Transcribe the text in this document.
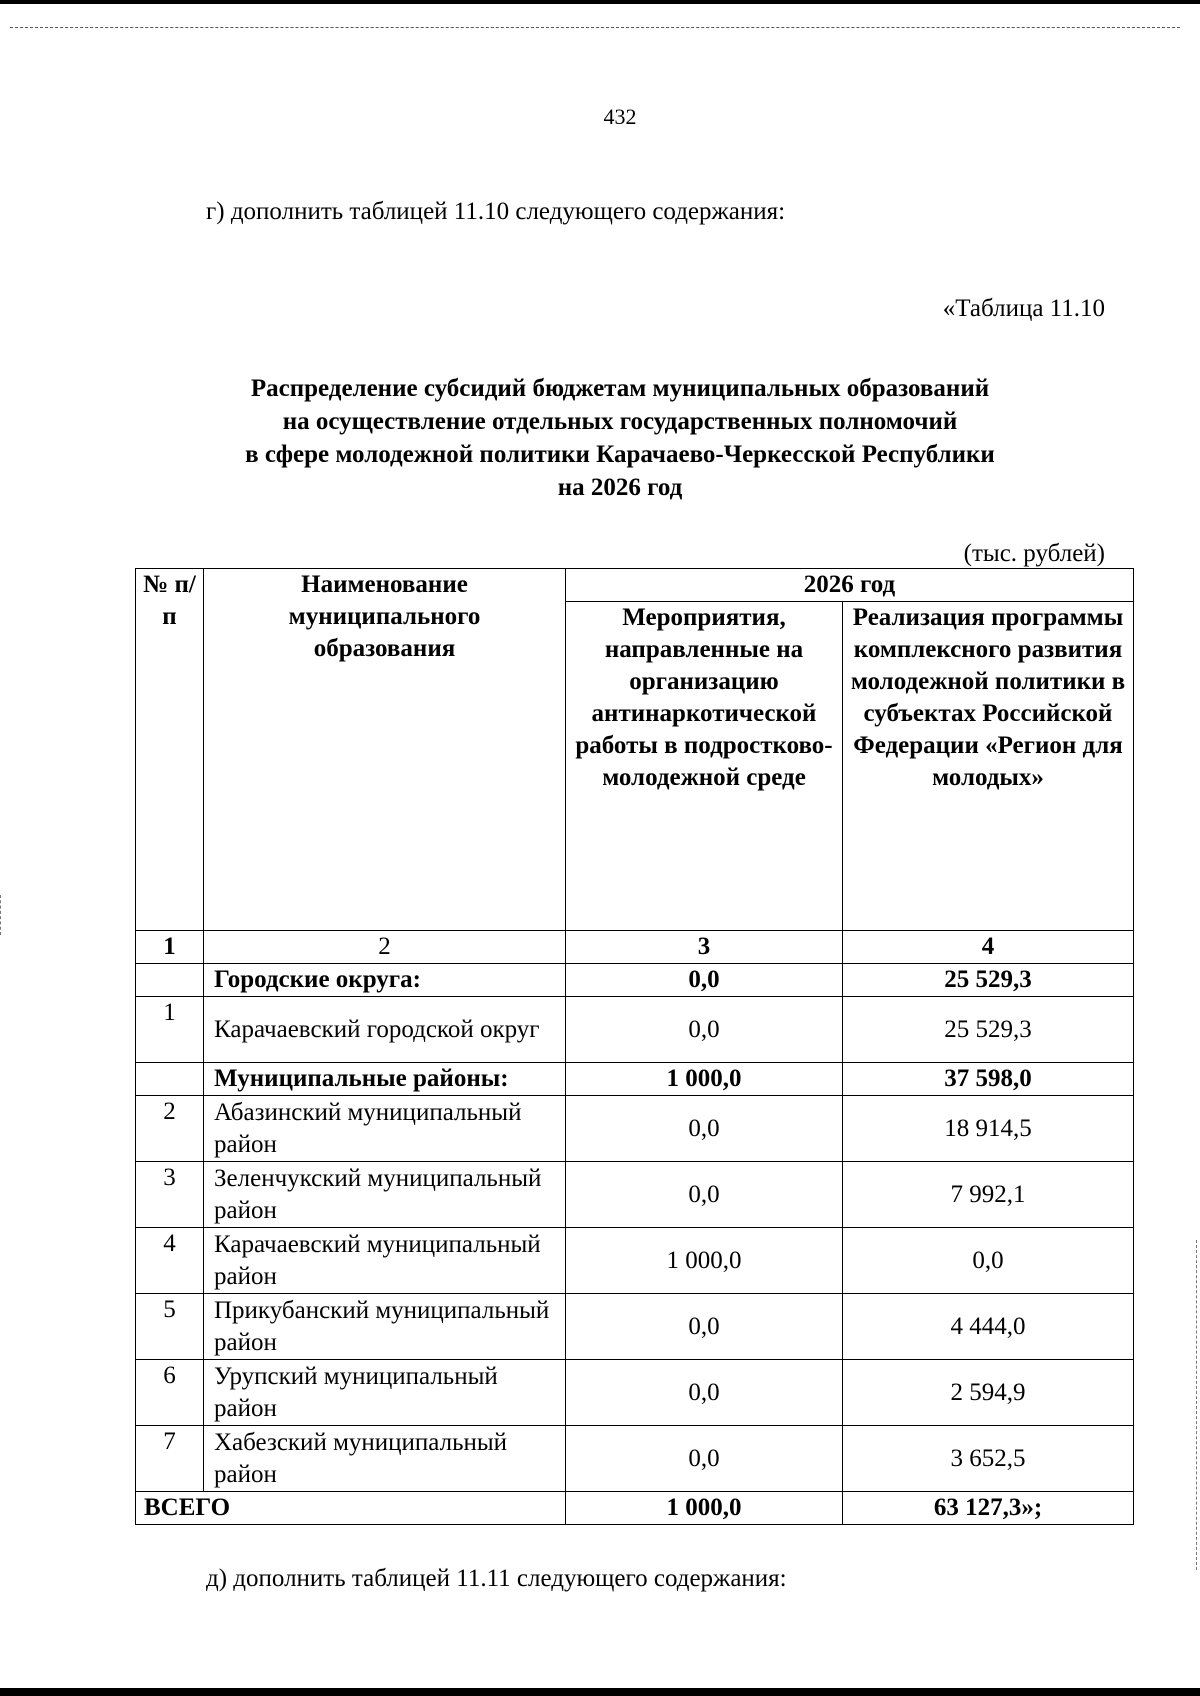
432
г) дополнить таблицей 11.10 следующего содержания:
«Таблица 11.10
Распределение субсидий бюджетам муниципальных образований
на осуществление отдельных государственных полномочий
в сфере молодежной политики Карачаево-Черкесской Республики
на 2026 год
(тыс. рублей)
№ п/п	Наименование муниципального образования	2026 год	
		Мероприятия, направленные на организацию антинаркотической работы в подростково-молодежной среде	Реализация программы комплексного развития молодежной политики в субъектах Российской Федерации «Регион для молодых»
1	2	3	4
	Городские округа:	0,0	25 529,3
1	Карачаевский городской округ	0,0	25 529,3
	Муниципальные районы:	1 000,0	37 598,0
2	Абазинский муниципальный район	0,0	18 914,5
3	Зеленчукский муниципальный район	0,0	7 992,1
4	Карачаевский муниципальный район	1 000,0	0,0
5	Прикубанский муниципальный район	0,0	4 444,0
6	Урупский муниципальный район	0,0	2 594,9
7	Хабезский муниципальный район	0,0	3 652,5
ВСЕГО		1 000,0	63 127,3»;
д) дополнить таблицей 11.11 следующего содержания:
